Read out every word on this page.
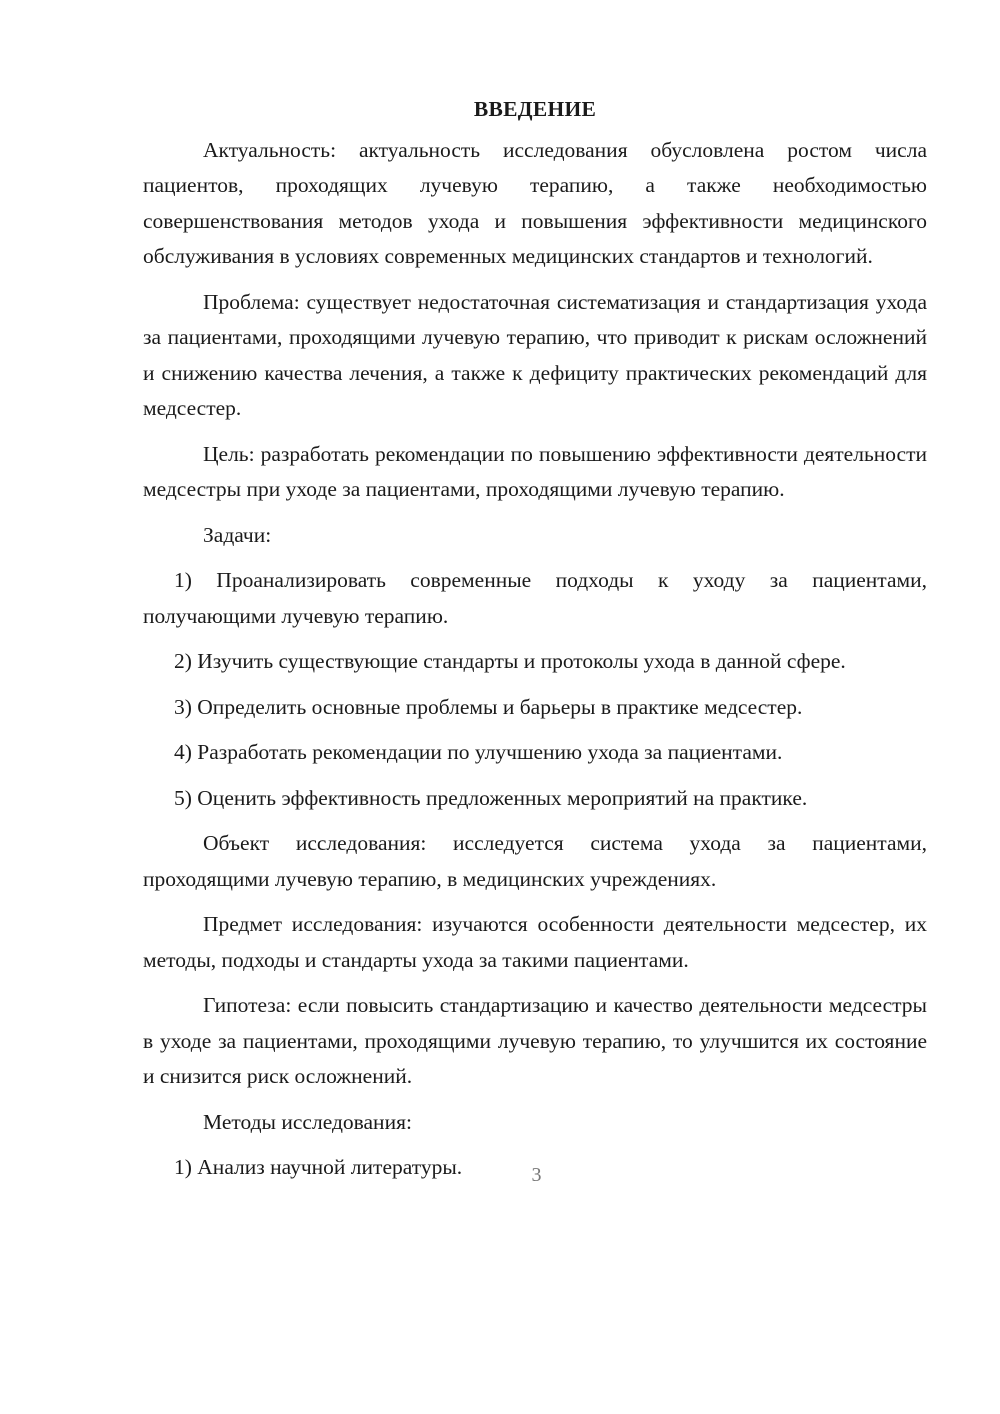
ВВЕДЕНИЕ

Актуальность: актуальность исследования обусловлена ростом числа пациентов, проходящих лучевую терапию, а также необходимостью совершенствования методов ухода и повышения эффективности медицинского обслуживания в условиях современных медицинских стандартов и технологий.

Проблема: существует недостаточная систематизация и стандартизация ухода за пациентами, проходящими лучевую терапию, что приводит к рискам осложнений и снижению качества лечения, а также к дефициту практических рекомендаций для медсестер.

Цель: разработать рекомендации по повышению эффективности деятельности медсестры при уходе за пациентами, проходящими лучевую терапию.

Задачи:

1) Проанализировать современные подходы к уходу за пациентами, получающими лучевую терапию.

2) Изучить существующие стандарты и протоколы ухода в данной сфере.

3) Определить основные проблемы и барьеры в практике медсестер.

4) Разработать рекомендации по улучшению ухода за пациентами.

5) Оценить эффективность предложенных мероприятий на практике.

Объект исследования: исследуется система ухода за пациентами, проходящими лучевую терапию, в медицинских учреждениях.

Предмет исследования: изучаются особенности деятельности медсестер, их методы, подходы и стандарты ухода за такими пациентами.

Гипотеза: если повысить стандартизацию и качество деятельности медсестры в уходе за пациентами, проходящими лучевую терапию, то улучшится их состояние и снизится риск осложнений.

Методы исследования:

1) Анализ научной литературы.	3
